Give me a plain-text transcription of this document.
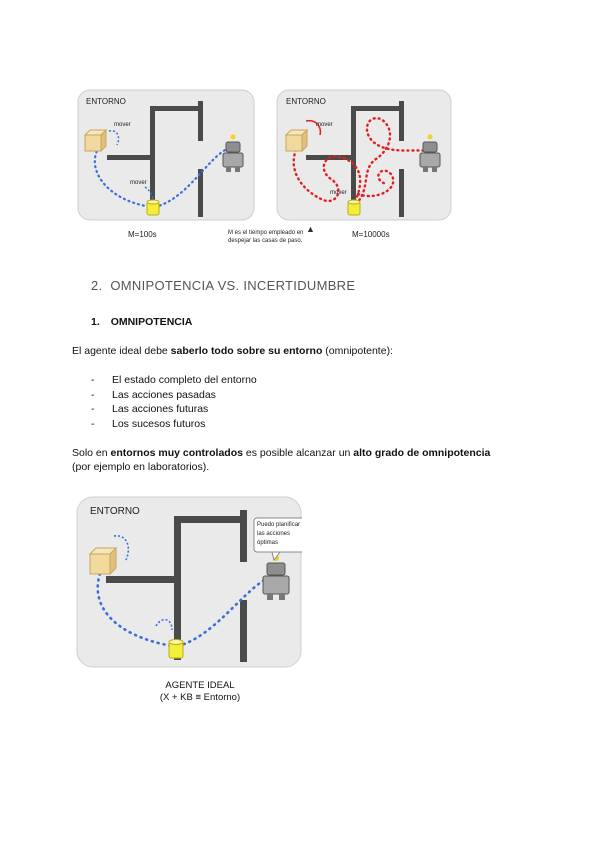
ENTORNO
mover
mover
M=100s	M es el tiempo empleado en despejar las casas de paso.
ENTORNO
mover
mover
M=10000s
▲
2. OMNIPOTENCIA VS. INCERTIDUMBRE
1. OMNIPOTENCIA
El agente ideal debe saberlo todo sobre su entorno (omnipotente):
- El estado completo del entorno
- Las acciones pasadas
- Las acciones futuras
- Los sucesos futuros
Solo en entornos muy controlados es posible alcanzar un alto grado de omnipotencia
(por ejemplo en laboratorios).
ENTORNO
Puedo planificar
las acciones
óptimas
AGENTE IDEAL
(X + KB ≡ Entorno)
